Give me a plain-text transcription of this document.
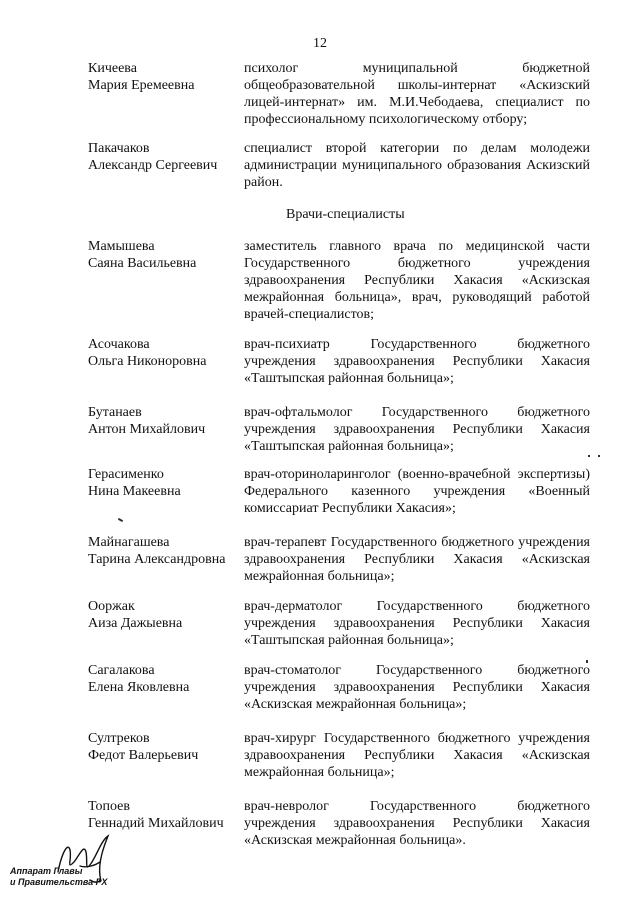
12
Врачи-специалисты
Кичеева
Мария Еремеевна
психолог муниципальной бюджетной
общеобразовательной школы-интернат «Аскизский
лицей-интернат» им. М.И.Чебодаева, специалист по
профессиональному психологическому отбору;
Пакачаков
Александр Сергеевич
специалист второй категории по делам молодежи
администрации муниципального образования Аскизский
район.
Мамышева
Саяна Васильевна
заместитель главного врача по медицинской части
Государственного бюджетного учреждения
здравоохранения Республики Хакасия «Аскизская
межрайонная больница», врач, руководящий работой
врачей-специалистов;
Асочакова
Ольга Никоноровна
врач-психиатр Государственного бюджетного
учреждения здравоохранения Республики Хакасия
«Таштыпская районная больница»;
Бутанаев
Антон Михайлович
врач-офтальмолог Государственного бюджетного
учреждения здравоохранения Республики Хакасия
«Таштыпская районная больница»;
Герасименко
Нина Макеевна
врач-оториноларинголог (военно-врачебной экспертизы)
Федерального казенного учреждения «Военный
комиссариат Республики Хакасия»;
Майнагашева
Тарина Александровна
врач-терапевт Государственного бюджетного учреждения
здравоохранения Республики Хакасия «Аскизская
межрайонная больница»;
Ооржак
Аиза Дажыевна
врач-дерматолог Государственного бюджетного
учреждения здравоохранения Республики Хакасия
«Таштыпская районная больница»;
Сагалакова
Елена Яковлевна
врач-стоматолог Государственного бюджетного
учреждения здравоохранения Республики Хакасия
«Аскизская межрайонная больница»;
Султреков
Федот Валерьевич
врач-хирург Государственного бюджетного учреждения
здравоохранения Республики Хакасия «Аскизская
межрайонная больница»;
Топоев
Геннадий Михайлович
врач-невролог Государственного бюджетного
учреждения здравоохранения Республики Хакасия
«Аскизская межрайонная больница».
Аппарат Главы
и Правительства РХ
